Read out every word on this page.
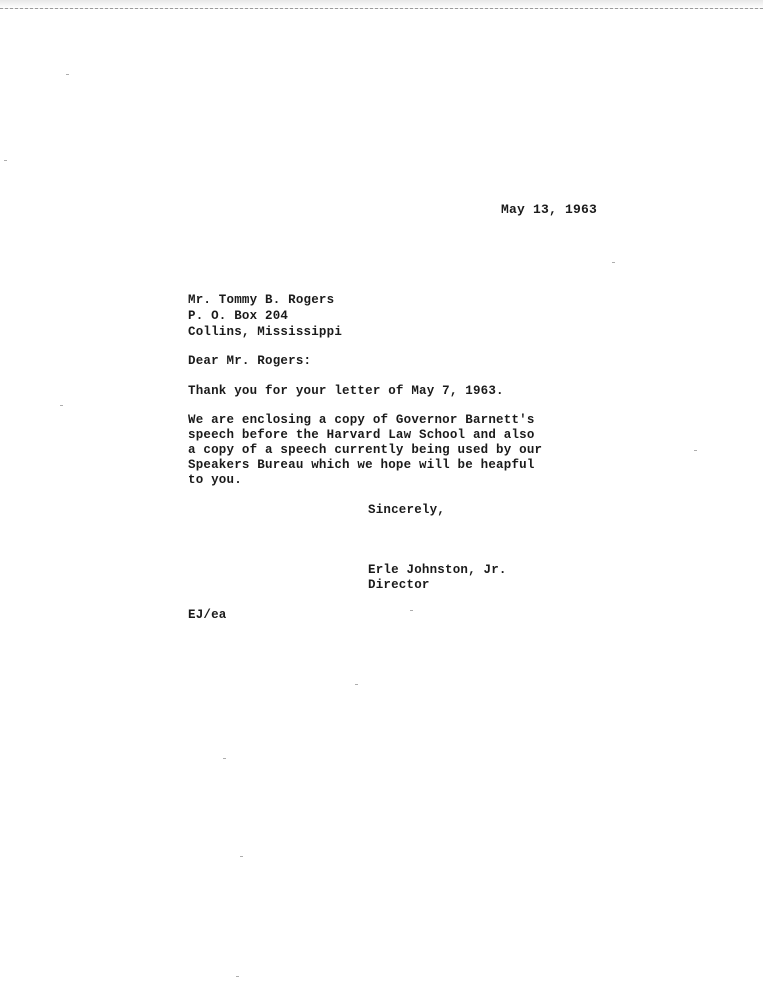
May 13, 1963
Mr. Tommy B. Rogers
P. O. Box 204
Collins, Mississippi
Dear Mr. Rogers:
Thank you for your letter of May 7, 1963.
We are enclosing a copy of Governor Barnett's
speech before the Harvard Law School and also
a copy of a speech currently being used by our
Speakers Bureau which we hope will be heapful
to you.
Sincerely,
Erle Johnston, Jr.
Director
EJ/ea
